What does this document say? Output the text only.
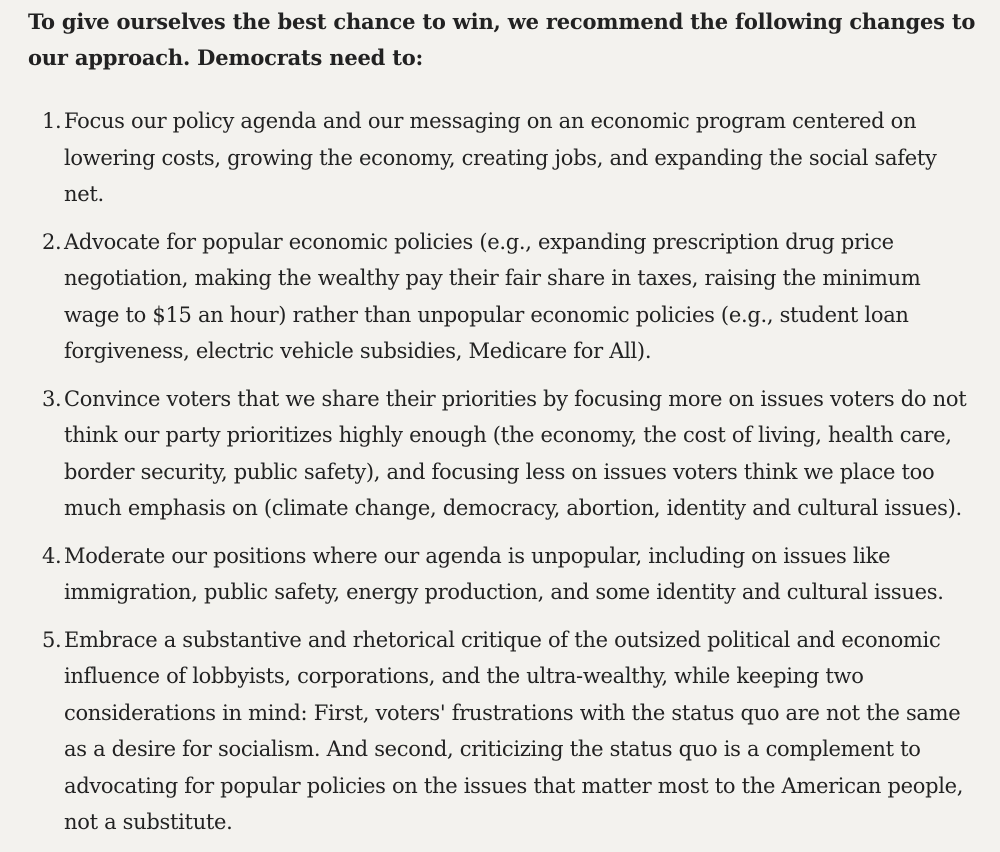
To give ourselves the best chance to win, we recommend the following changes to our approach. Democrats need to:

1. Focus our policy agenda and our messaging on an economic program centered on lowering costs, growing the economy, creating jobs, and expanding the social safety net.
2. Advocate for popular economic policies (e.g., expanding prescription drug price negotiation, making the wealthy pay their fair share in taxes, raising the minimum wage to $15 an hour) rather than unpopular economic policies (e.g., student loan forgiveness, electric vehicle subsidies, Medicare for All).
3. Convince voters that we share their priorities by focusing more on issues voters do not think our party prioritizes highly enough (the economy, the cost of living, health care, border security, public safety), and focusing less on issues voters think we place too much emphasis on (climate change, democracy, abortion, identity and cultural issues).
4. Moderate our positions where our agenda is unpopular, including on issues like immigration, public safety, energy production, and some identity and cultural issues.
5. Embrace a substantive and rhetorical critique of the outsized political and economic influence of lobbyists, corporations, and the ultra-wealthy, while keeping two considerations in mind: First, voters' frustrations with the status quo are not the same as a desire for socialism. And second, criticizing the status quo is a complement to advocating for popular policies on the issues that matter most to the American people, not a substitute.
